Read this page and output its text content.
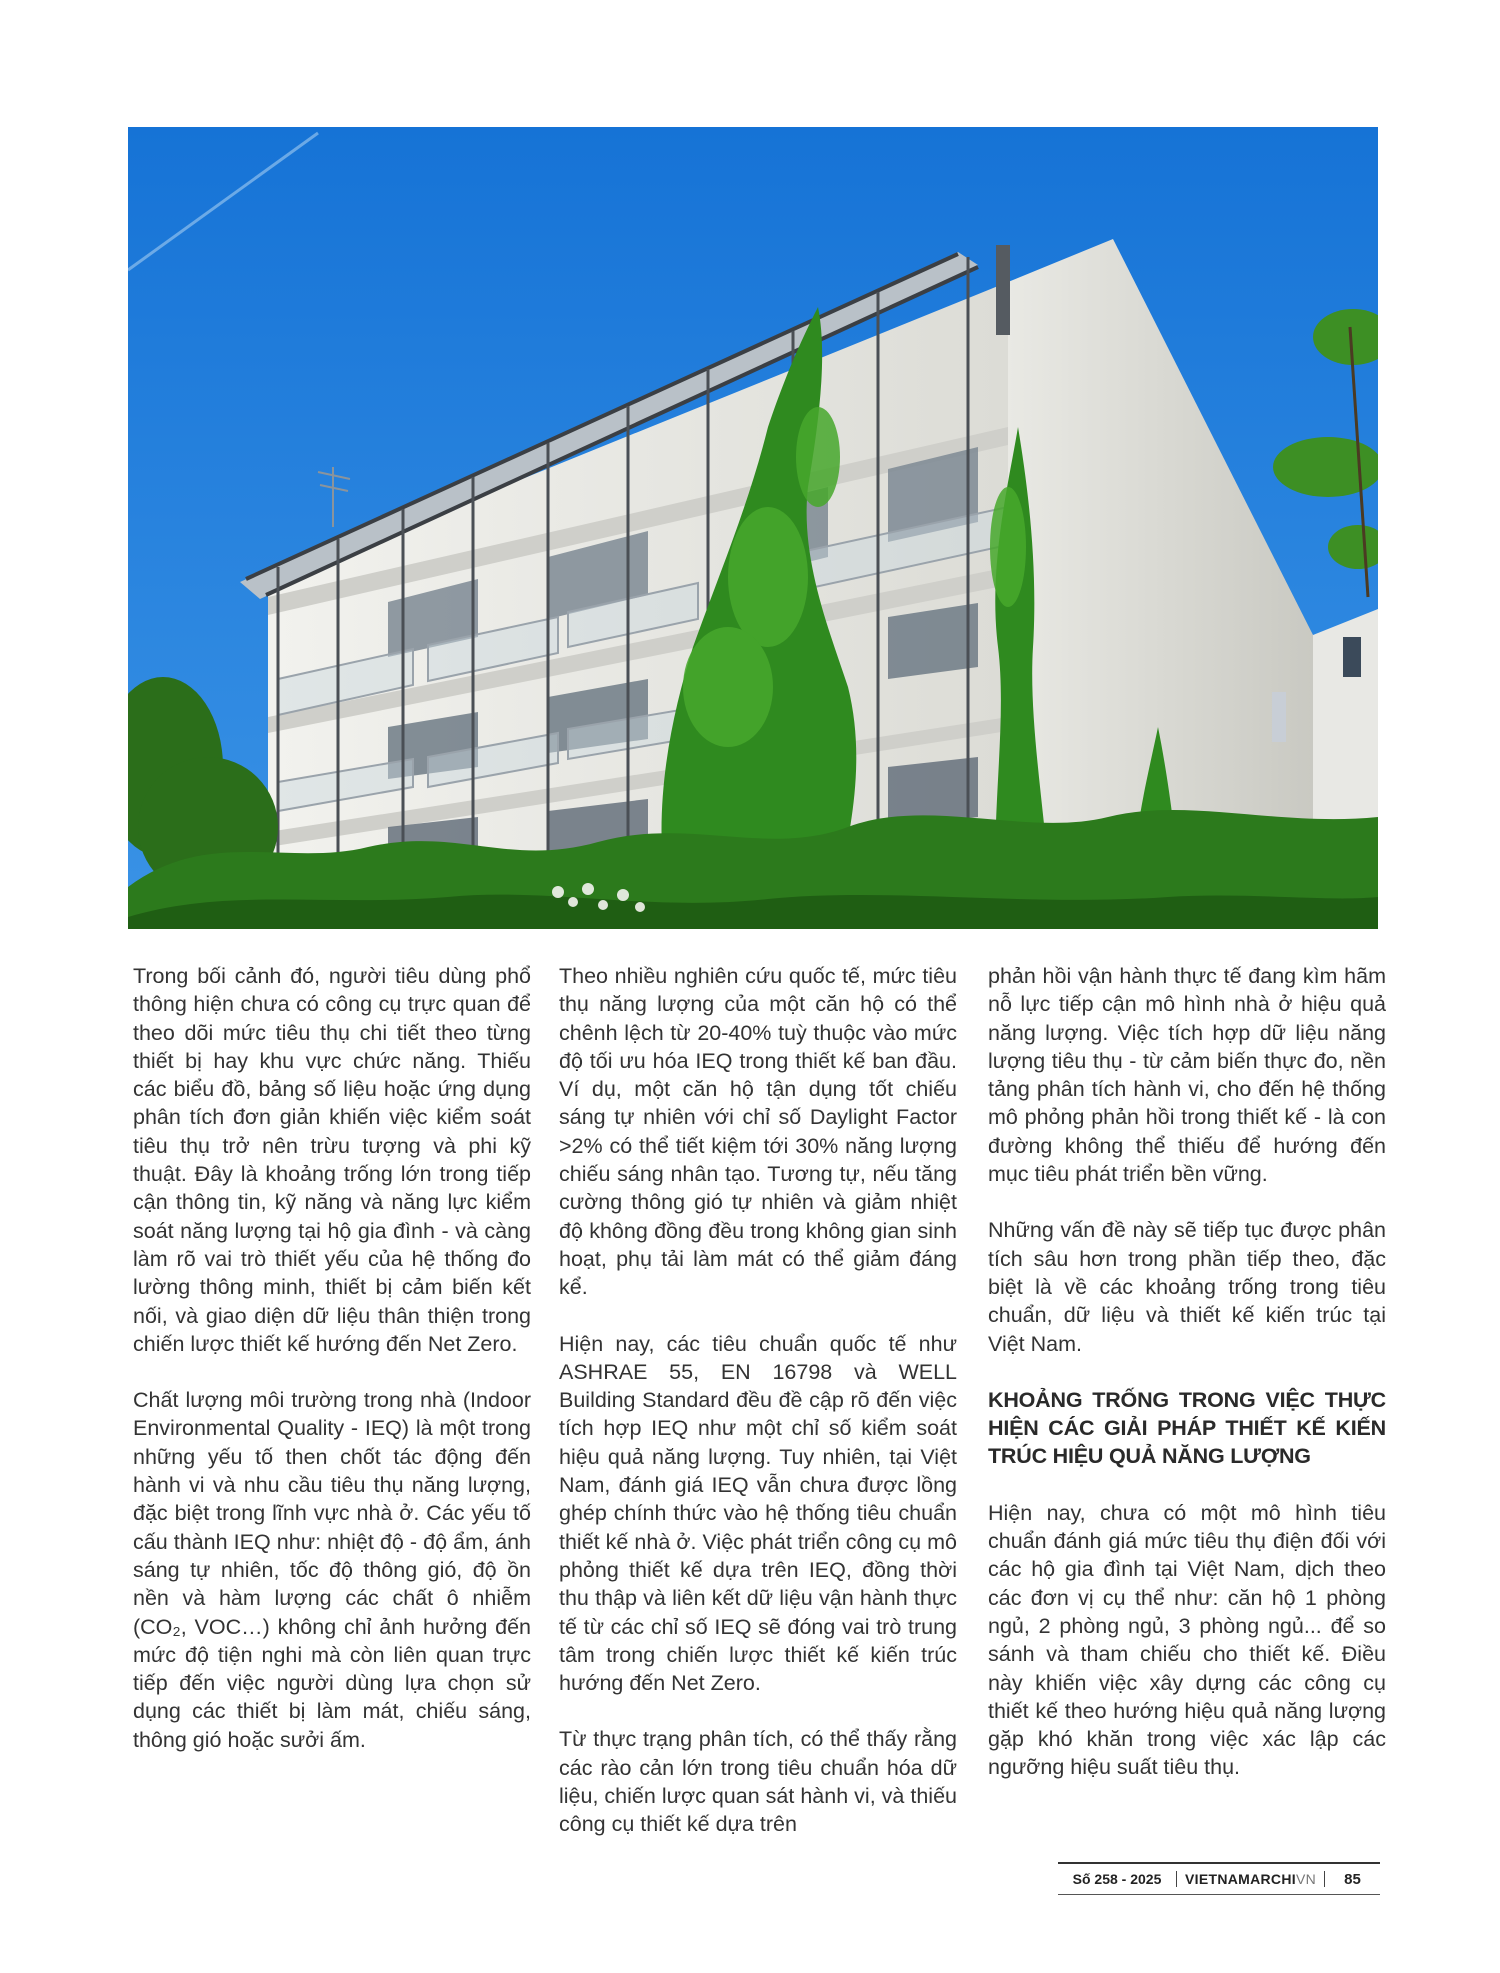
Trong bối cảnh đó, người tiêu dùng phổ thông hiện chưa có công cụ trực quan để theo dõi mức tiêu thụ chi tiết theo từng thiết bị hay khu vực chức năng. Thiếu các biểu đồ, bảng số liệu hoặc ứng dụng phân tích đơn giản khiến việc kiểm soát tiêu thụ trở nên trừu tượng và phi kỹ thuật. Đây là khoảng trống lớn trong tiếp cận thông tin, kỹ năng và năng lực kiểm soát năng lượng tại hộ gia đình - và càng làm rõ vai trò thiết yếu của hệ thống đo lường thông minh, thiết bị cảm biến kết nối, và giao diện dữ liệu thân thiện trong chiến lược thiết kế hướng đến Net Zero.

Chất lượng môi trường trong nhà (Indoor Environmental Quality - IEQ) là một trong những yếu tố then chốt tác động đến hành vi và nhu cầu tiêu thụ năng lượng, đặc biệt trong lĩnh vực nhà ở. Các yếu tố cấu thành IEQ như: nhiệt độ - độ ẩm, ánh sáng tự nhiên, tốc độ thông gió, độ ồn nền và hàm lượng các chất ô nhiễm (CO₂, VOC…) không chỉ ảnh hưởng đến mức độ tiện nghi mà còn liên quan trực tiếp đến việc người dùng lựa chọn sử dụng các thiết bị làm mát, chiếu sáng, thông gió hoặc sưởi ấm.

Theo nhiều nghiên cứu quốc tế, mức tiêu thụ năng lượng của một căn hộ có thể chênh lệch từ 20-40% tuỳ thuộc vào mức độ tối ưu hóa IEQ trong thiết kế ban đầu. Ví dụ, một căn hộ tận dụng tốt chiếu sáng tự nhiên với chỉ số Daylight Factor >2% có thể tiết kiệm tới 30% năng lượng chiếu sáng nhân tạo. Tương tự, nếu tăng cường thông gió tự nhiên và giảm nhiệt độ không đồng đều trong không gian sinh hoạt, phụ tải làm mát có thể giảm đáng kể.

Hiện nay, các tiêu chuẩn quốc tế như ASHRAE 55, EN 16798 và WELL Building Standard đều đề cập rõ đến việc tích hợp IEQ như một chỉ số kiểm soát hiệu quả năng lượng. Tuy nhiên, tại Việt Nam, đánh giá IEQ vẫn chưa được lồng ghép chính thức vào hệ thống tiêu chuẩn thiết kế nhà ở. Việc phát triển công cụ mô phỏng thiết kế dựa trên IEQ, đồng thời thu thập và liên kết dữ liệu vận hành thực tế từ các chỉ số IEQ sẽ đóng vai trò trung tâm trong chiến lược thiết kế kiến trúc hướng đến Net Zero.

Từ thực trạng phân tích, có thể thấy rằng các rào cản lớn trong tiêu chuẩn hóa dữ liệu, chiến lược quan sát hành vi, và thiếu công cụ thiết kế dựa trên

phản hồi vận hành thực tế đang kìm hãm nỗ lực tiếp cận mô hình nhà ở hiệu quả năng lượng. Việc tích hợp dữ liệu năng lượng tiêu thụ - từ cảm biến thực đo, nền tảng phân tích hành vi, cho đến hệ thống mô phỏng phản hồi trong thiết kế - là con đường không thể thiếu để hướng đến mục tiêu phát triển bền vững.

Những vấn đề này sẽ tiếp tục được phân tích sâu hơn trong phần tiếp theo, đặc biệt là về các khoảng trống trong tiêu chuẩn, dữ liệu và thiết kế kiến trúc tại Việt Nam.

KHOẢNG TRỐNG TRONG VIỆC THỰC HIỆN CÁC GIẢI PHÁP THIẾT KẾ KIẾN TRÚC HIỆU QUẢ NĂNG LƯỢNG

Hiện nay, chưa có một mô hình tiêu chuẩn đánh giá mức tiêu thụ điện đối với các hộ gia đình tại Việt Nam, dịch theo các đơn vị cụ thể như: căn hộ 1 phòng ngủ, 2 phòng ngủ, 3 phòng ngủ... để so sánh và tham chiếu cho thiết kế. Điều này khiến việc xây dựng các công cụ thiết kế theo hướng hiệu quả năng lượng gặp khó khăn trong việc xác lập các ngưỡng hiệu suất tiêu thụ.

Số 258 - 2025	VIETNAMARCHIVN	85
